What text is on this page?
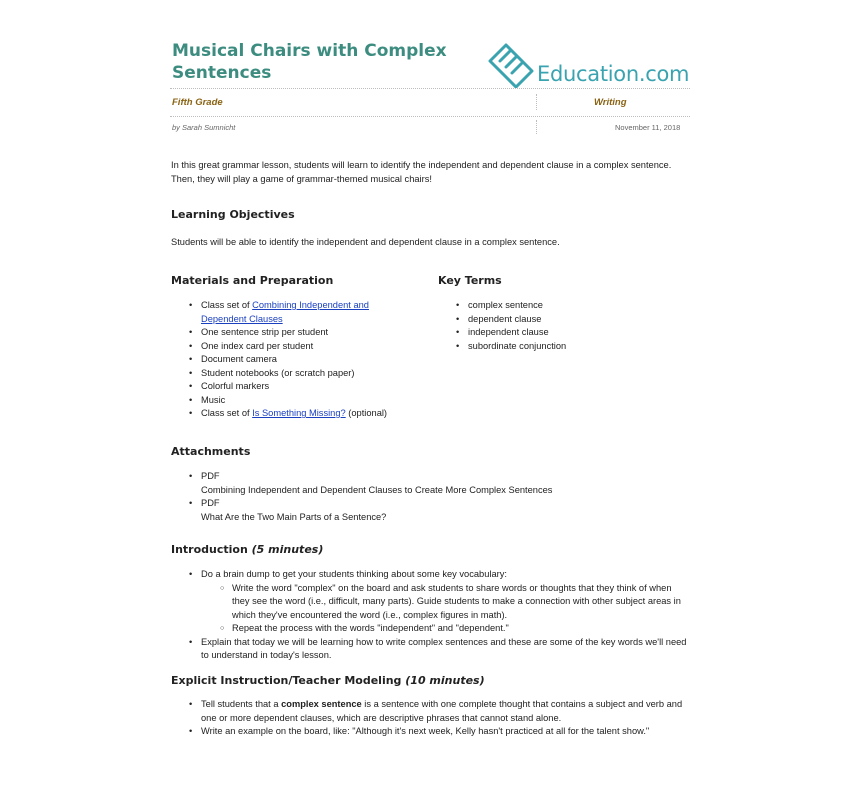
Musical Chairs with Complex Sentences	Education.com
Fifth Grade	Writing
by Sarah Sumnicht	November 11, 2018

In this great grammar lesson, students will learn to identify the independent and dependent clause in a complex sentence. Then, they will play a game of grammar-themed musical chairs!

Learning Objectives

Students will be able to identify the independent and dependent clause in a complex sentence.

Materials and Preparation
• Class set of Combining Independent and Dependent Clauses
• One sentence strip per student
• One index card per student
• Document camera
• Student notebooks (or scratch paper)
• Colorful markers
• Music
• Class set of Is Something Missing? (optional)
Key Terms
• complex sentence
• dependent clause
• independent clause
• subordinate conjunction
Attachments
• PDF
Combining Independent and Dependent Clauses to Create More Complex Sentences
• PDF
What Are the Two Main Parts of a Sentence?
Introduction (5 minutes)
• Do a brain dump to get your students thinking about some key vocabulary:
○ Write the word "complex" on the board and ask students to share words or thoughts that they think of when they see the word (i.e., difficult, many parts). Guide students to make a connection with other subject areas in which they've encountered the word (i.e., complex figures in math).
○ Repeat the process with the words "independent" and "dependent."
• Explain that today we will be learning how to write complex sentences and these are some of the key words we'll need to understand in today's lesson.
Explicit Instruction/Teacher Modeling (10 minutes)
• Tell students that a complex sentence is a sentence with one complete thought that contains a subject and verb and one or more dependent clauses, which are descriptive phrases that cannot stand alone.
• Write an example on the board, like: "Although it's next week, Kelly hasn't practiced at all for the talent show."
